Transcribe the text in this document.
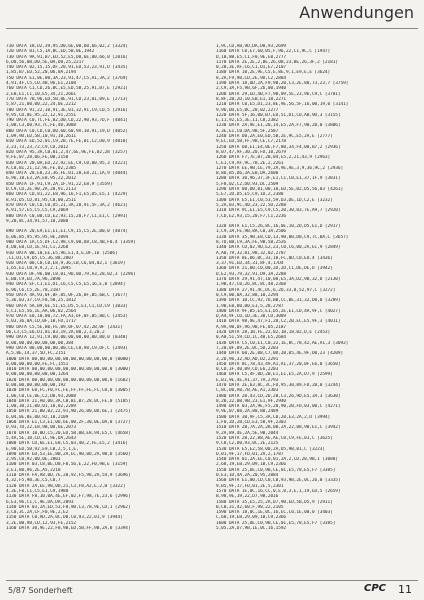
Anwendungen
710 DATA 18,D2,39,95,D0,6E,00,D0,66,02,2 [3324]
720 DATA 01,C5,1A,BC,ED,5B,0E,1942
730 DATA 9A,91,B7,ED,52,E5,D0,6E,00,66,0 [2016]
6,D0,56,0B,D0,5E,0A,D0,25,2217
740 DATA 02,15,15,DF,20,91,ED,53,23,91,D [3435]
1,85,B7,ED,52,20,06,0A,2194
750 DATA E1,0E,00,3A,23,91,47,C5,A1,3A,2 [3769]
4,91,4F,C5,CD,4B,96,E1,2108
760 DATA C1,CD,26,BC,E5,ED,5B,25,91,B7,E [2921]
2,EB,E1,C1,10,E5,34,21,2661
770 DATA 7B,96,ED,5B,0E,91,CD,23,01,09,E [2713]
5,87,21,00,00,22,24,0E,2212
780 DATA 91,22,10,91,3E,01,32,91,C9,CD,5 [2916]
9,95,CD,8E,95,22,12,91,2551
790 DATA C0,7C,FE,02,D0,CD,22,90,93,7D,F [4841]
1,0B,C3,D0,93,7C,FE,40,3088
800 DATA C0,CD,C0,D0,60,60,9A,10,91,19,D [4052]
1,09,9D,ED,5B,10,91,10,2611
810 DATA ED,52,01,C9,2B,7E,FE,01,C2,D0,9 [4010]
3,23,73,23,72,C9,CD,2012
820 DATA 95,3A,CB,81,2,47,6E,9E,FE,02,28 [3257]
9,FE,07,28,06,FE,00,2150
830 DATA 20,0A,ED,22,92,EE,C9,C0,00,95,3 [4221]
A,C8,B1,21,12,9E,FE,02,2385
840 DATA 28,E8,23,36,FE,01,28,E8,21,1A,9 [4044]
6,96,18,E3,2A,E8,95,22,2012
850 DATA 1F,91,C9,2A,1F,91,22,E8,9 [3559]
D,C9,CD,2E,90,2A,20,91,2113
860 DATA CD,81,22,E8,96,16,F1,E5,D5,E5,1 [4229]
8,91,D5,CD,81,95,C0,00,2511
870 DATA C0,CD,C0,D5,21,3A,28,91,5F,3A,2 [4621]
A,91,57,E5,C5,C5,C9,2069
880 DATA C0,00,CD,E2,93,15,20,F7,C1,E1,C [2991]
9,2B,8C,34,91,57,10,2088

890 DATA 20,E9,E1,E1,E1,C9,15,C5,2E,B0,0 [4074]
6,06,85,95,95,95,9E,2094
900 DATA 1A,C5,DF,C2,98,C9,00,D8,C8,4B,F0,4 [3359]
4,D0,E0,CD,1E,91,C1,2268
910 DATA 0B,10,EE,E5,96,E1,4,E,DF,16 [2506]
,C1,D1,C9,D5,C5,36,88,2807
920 DATA 00,C0,C0,E8,9,36,CB,C6,04,02,1 [3619]
1,65,E1,CB,9,9,2,2,1,2095
930 DATA DF,96,0B,C8,01,9D,0D,79,A3,28,02,3 [2296]
E,B0,C9,ED,7A,96,2090
940 DATA EF,C1,E1,D1,C6,C5,C5,E5,16,E,8 [2894]
6,96,C6,C5,2E,70,2187
950 DATA 4A,93,0F,0F,85,0F,26,0F,B5,6B,C [3677]
5,36,03,37,C9,F8,50,25,1812
960 DATA 5A,B9,6E,51,E5,D5,5,E1,C1,CD,C9 [3033]
5,C1,E5,56,1E,AA,06,02,2564
970 DATA E0,10,00,72,FA,A3,6F,0F,B5,8B,C [2453]
5,03,36,0A,CD,0F,1B,FD,1717
980 DATA C5,5E,B0,FE,09,0F,07,42,2B,0F [2431]
06,C3,C5,E6,D1,01,03,19,2A,B0,2,3,2B,2
990 DATA 12,91,C9,00,00,00,00,00,00,00,0 [0348]
0,00,00,00,00,00,00,00,384
990 DATA 00,00,00,00,00,CE,C8,98,C9,DF,C [2493]
A,5,8E,14,37,5D,FC,2151
1000 DATA 00,00,00,00,00,00,00,00,00,00,0 [0000]
0,00,00,00,00,FE,FC,1551
1010 DATA 00,00,00,00,00,00,00,00,00,00,0 [3000]
0,00,00,00,00,00,00,1264
1020 DATA 00,00,00,00,00,00,00,00,00,00,0 [1682]
0,00,00,00,00,00,00,192
1030 DATA E0,FC,F0,FC,FE,FF,FF,FE,FC,C0,0 [3005]
1,06,C0,CE,0E,C2,D0,93,2088
1040 DATA 21,A0,00,3A,CB,B1,B7,28,0C,FE,0 [5105]
1,00,30,21,00,01,18,02,2289
1050 DATA 21,B0,02,22,91,9B,26,00,0D,6E,1 [2475]
6,04,0E,8E,00,92,10,2109
1060 DATA E1,C3,E1,0D,6E,00,2F,30,0E,DA,0 [3727]
D,93,7D,22,E8,9B,0D,6E,2073
1070 DATA 10,0D,C5,20,ED,5B,0B,E8,94,E5,C [4658]
5,4A,5E,1B,CD,1C,9E,DA,2643
1080 DATA CD,6E,E1,E8,C5,03,4B,2,FE,E5,2 [3416]
E,90,ED,5B,92,E9,CB,2,5,1,E,
1090 DATA ED,53,EE,8B,2A,EC,9B,0D,2A,9B,D [3560]
2,95,C0,92,00,0E,2801
1100 DATA 03,C8,0E,D0,F0,56,E,22,F0,9B,E [3159]
3,E1,80,96,2E,A5,2218
1110 DATA FA,A8,0D,7E,20,92,F5,98,2A,54,9 [3696]
4,32,F5,9B,3E,C5,C0,7
1120 DATA 2A,EE,98,0D,21,C3,F8,A2,E,2,B [3322]
4,3E,F0,C1,C5,E1,C9,1988
1130 DATA F8,10,0A,4E,EF,02,F7,98,7E,23,6 [2996]
6,E3,96,C1,C,9E,DA,DA,2093
1140 DATA 03,2A,ED,53,F8,9B,C3,78,9E,CD,1 [2962]
3,C0,3C,2A,CF,F0,9E,2,E2
1150 DATA C0,AD,2A,0C,D0,C0,93,22,01,9 [3944]
3,2E,0B,9B,CD,12,93,FE,2152
1160 DATA 30,9E,22,F8,9B,ED,5B,FF,9B,2A,0 [3394]
1,9C,CD,AB,9D,DA,D0,93,2699
1160 DATA C0,E7,60,05,F,96,22,C1,9C,C [1947]
D,1B,8B,E5,C1,F0,9E,E0,2777
1170 DATA 2E,2E,2,BE,26,08,23,BE,26,3F,2 [2181]
0,2B,3E,AF,C6,C1,D1,E7,2107
1180 DATA 10,2E,9E,C5,E,8E,9,1,E9,E,E [3624]
8,2A,F9,9B,CD,2E,9D,C2,2884
1190 DATA 18,DD,2A,F9,9B,2B,C3,2E,80,73,23,7 [3759]
2,C9,3A,F5,9B,6F,26,00,1940
1200 DATA 29,ED,4B,F7,9B,09,5E,23,96,C9,C [3701]
8,8F,2B,2D,10,EB,E1,18,2271
1210 DATA C0,E5,D1,23,8E,9E,56,5F,16,00,19,0 [3141]
9,96,DD,E5,0C,28,02,2277
1220 DATA 5F,16,00,B7,ED,51,D1,CD,AB,9D,3 [3155]
E,11,92,E5,3E,11,C8,2382
1230 DATA 2A,9E,E1,20,14,E5,2A,F7,9B,20,0 [3806]
A,3E,E1,C0,DA,9B,5F,2587
1240 DATA D0,2A,E0,ED,5B,2E,9C,E5,2A,E [2777]
9,EC,ED,5B,FF,9B,CE,C7,2178
1250 DATA 60,E1,E4,0E,F7,80,34,F4,08,B7,2 [2936]
8,07,47,AF,30,20,FD,10,2679
1260 DATA F7,7E,B7,2B,04,E5,2,21,43,9 [2963]
C,E1,C9,AF,9C,7B,2E,2,2261
1270 DATA EE,9B,CE,79,2A,9E,AE,3,9,36,9C,2 [2936]
B,8D,B5,D6,3A,EB,DA,2600
1280 DATA 30,96,37,3F,E1,C1,CB,E1,37,1F,9 [3831]
5,F8,02,C2,D0,93,DC,2509
1290 DATA 00,D0,01,00,10,ED,5E,02,D5,56,03 [4261]
5,E7,2D,D5,E5,C9,1D,2,2388
1300 DATA E5,E1,C0,53,59,D3,DE,1D,C2,E [3232]
5,2A,03,9C,40,23,22,5D,2288
1310 DATA 9C,E1,E5,C9,C5,20,30,03,7E,A9,7 [2920]
7,CD,E2,93,15,20,F7,C1,2236

1320 DATA E1,C5,26,8C,16,0E,10,2D,D5,E1,D [2917]
1,C9,3A,FE,9B,8A,C0,3A,2506
1330 DATA 35,9B,E8,CD,13,9B,8B,D0,C9,7C,BA,C [3657]
8,7D,BB,C9,3A,FE,9B,5B,2526
1340 DATA CD,02,9D,E2,23,C0,C6,00,2A,EC,9 [2849]
A,A0,79,32,01,98,32,02,2787
1350 DATA 8E,06,0C,33,10,FC,0D,C0,ED,4 [3436]
3,37,91,ED,34,31,8F,4,17D4
1360 DATA 21,00,C0,00,2D,2D,C1,DE,DE,D [3942]
D,E2,93,79,32,91,D9,3A,2288
1370 DATA 29,91,47,10,08,E5,3A,D2,9B,32,D [2130]
1,9B,47,C0,26,8C,8C,48,2368
1380 DATA 27,91,4C,DC,6,2D,33,8,52,97,C [3272]
0,C9,00,0A,32,88,10,2294
1390 DATA 1B,CC,92,7D,BB,CC,BE,31,32,D0,0 [3289]
1,9B,E0,00,00,E1,5,28,2787
1400 DATA 9F,B5,E5,E1,D5,2E,E1,CD,4A,9F,C [4027]
D,A4,9F,CD,1D,3E,30,CD,3089
1410 DATA 98,9E,47,F1,20,C2,2B,EC,E5,9F,3 [4011]
A,9A,9B,DF,96,9B,FE,05,2187
1420 DATA 28,1B,FE,22,02,1B,18,02,D,E [2453]
0,A0,51,59,CD,1C,40,E5,2684
1430 DATA C5,C0,E1,C0,22,1E,8C,78,42,AE,A1,3 [3092]
7,20,0F,89,2E,0C,5D,2203
1440 DATA 60,2E,08,C7,0D,2B,05,4E,9F,D0,23 [4209]
3,2D,96,32,AD,AD,D2,2291
1450 DATA 8C,78,43,49,A1,A1,37,20,0F,E6,0 [3650]
0,CD,3F,40,09,CD,E6,2203
1460 DATA C5,4F,0D,2B,E1,E1,E5,2A,D7,9 [2599]
E,B1,9E,4E,A1,37,7A,2793
1470 DATA 2E,63,8C,3C,FD,95,30,09,FD,2B,0 [3244]
C,8C,D0,A0,7B,AE,A1,2303
1480 DATA 2B,43,CD,2D,2B,C3,26,9D,E5,3A,3 [3630]
8,2B,22,0B,9B,23,E1,9F,2940
1490 DATA 03,2A,9E,F5,20,90,2B,FD,03,00,C [4271]
9,9E,07,08,2A,80,80,2489
1500 DATA 3B,9F,C5,3A,C8,20,E3,2A,2,D [3994]
1,F0,2D,2B,CD,E3,58,9F,2303
1510 DATA 2B,7A,2A,2B,0B,2A,22,08,9B,E1,C [3942]
9,2A,89,4E,2A,5E,9B,2044
1520 DATA 2B,22,88,AE,AE,C0,C9,FE,01,C [3625]
9,C8,C2,D0,93,0C,2E,2125
1530 DATA E5,E2,58,00,2A,D5,9B,01,C [3223]
D,01,9F,17,FD,01,2A,2,1787
1540 DATA 01,2A,EE,C0,01,2A,2,CD,28,9B,1 [3088]
2,68,19,EB,29,09,1B,C9,2366
1550 DATA 25,DE,C0,9B,CE,01,E5,78,E5,F7 [3385]
0,E3,1D,4A,2A,20,95,2084
1560 DATA E1,00,CD,C0,C0,93,9B,2E,0C,26,0 [3335]
9,B5,9F,17,FD,01,2E,5,2301
1570 DATA 1E,0C,16,CC,0,E,0,3,E,1,19,ED,5 [2659]
B,98,9E,19,22,D7,9B,2016
1580 DATA 35,E5,25,2A,D7,9B,ED,5B,D5,9 [2911]
B,CB,31,42,60,F,98,22,2105
1590 DATA 18,0C,1E,0C,16,EC,C0,1E,00,0 [3403]
C,68,19,EB,29,09,1B,C9,2366
1600 DATA 25,DE,C0,9B,CE,01,E5,78,E5,F7 [3385]
5,05,2A,D7,9B,1E,0C,16,1592
5/87 Sonderheft	CPC 11
